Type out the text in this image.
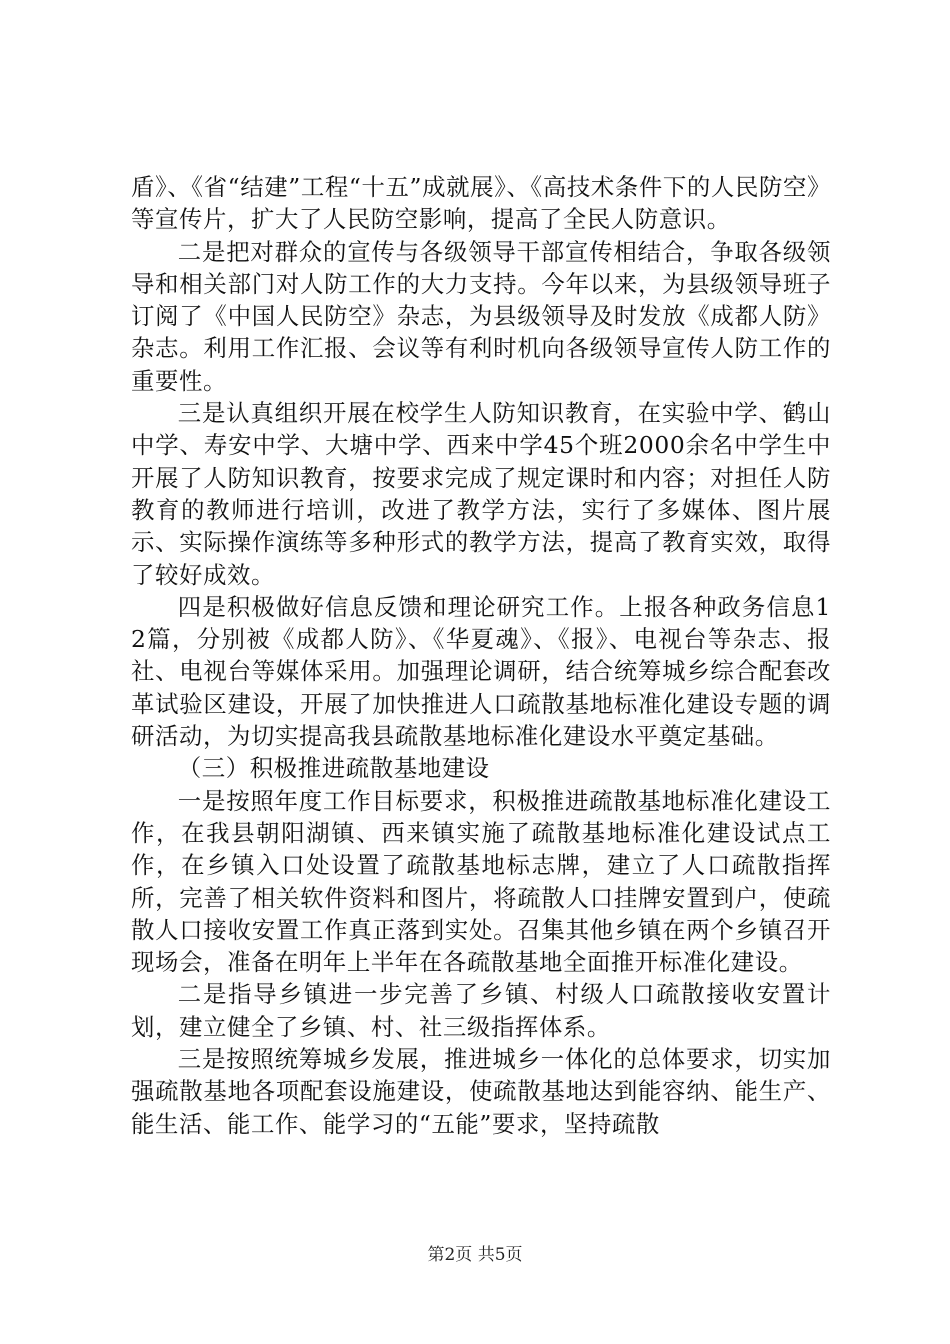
盾》、《省“结建”工程“十五”成就展》、《高技术条件下的人民防空》等宣传片，扩大了人民防空影响，提高了全民人防意识。

二是把对群众的宣传与各级领导干部宣传相结合，争取各级领导和相关部门对人防工作的大力支持。今年以来，为县级领导班子订阅了《中国人民防空》杂志，为县级领导及时发放《成都人防》杂志。利用工作汇报、会议等有利时机向各级领导宣传人防工作的重要性。

三是认真组织开展在校学生人防知识教育，在实验中学、鹤山中学、寿安中学、大塘中学、西来中学45个班2000余名中学生中开展了人防知识教育，按要求完成了规定课时和内容；对担任人防教育的教师进行培训，改进了教学方法，实行了多媒体、图片展示、实际操作演练等多种形式的教学方法，提高了教育实效，取得了较好成效。

四是积极做好信息反馈和理论研究工作。上报各种政务信息12篇，分别被《成都人防》、《华夏魂》、《报》、电视台等杂志、报社、电视台等媒体采用。加强理论调研，结合统筹城乡综合配套改革试验区建设，开展了加快推进人口疏散基地标准化建设专题的调研活动，为切实提高我县疏散基地标准化建设水平奠定基础。

（三）积极推进疏散基地建设

一是按照年度工作目标要求，积极推进疏散基地标准化建设工作，在我县朝阳湖镇、西来镇实施了疏散基地标准化建设试点工作，在乡镇入口处设置了疏散基地标志牌，建立了人口疏散指挥所，完善了相关软件资料和图片，将疏散人口挂牌安置到户，使疏散人口接收安置工作真正落到实处。召集其他乡镇在两个乡镇召开现场会，准备在明年上半年在各疏散基地全面推开标准化建设。

二是指导乡镇进一步完善了乡镇、村级人口疏散接收安置计划，建立健全了乡镇、村、社三级指挥体系。

三是按照统筹城乡发展，推进城乡一体化的总体要求，切实加强疏散基地各项配套设施建设，使疏散基地达到能容纳、能生产、能生活、能工作、能学习的“五能”要求，坚持疏散

第2页 共5页
